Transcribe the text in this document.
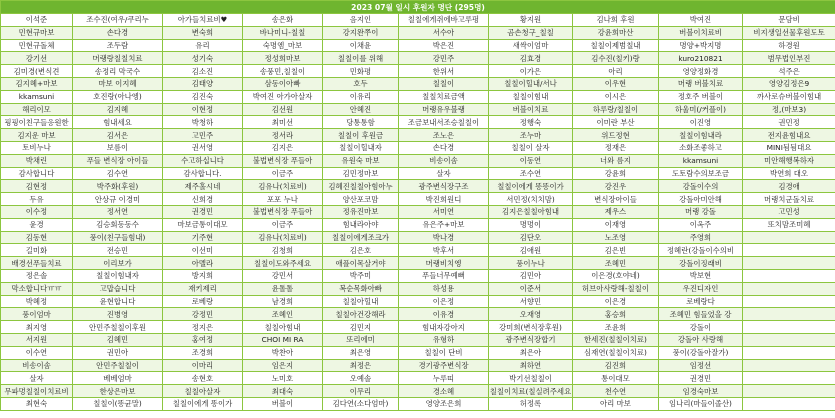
2023 07월 일시 후원자 명단 (295명)									
이석준	조수진(여우/쿠리누	아가들치료비♥	송은화	음지인	칠칠에게쥐에바고루펑	황지원	김나희 후원	박여진	문담비
민현규마보	손다경	변숙희	바나미니-칠칠	강지완쭈이	서수아	곰손청구_칠칠	강윤희마산	버블이치료비	비지생일선물후원도토
민현규돌체	조두람	유리	숙명엠_마보	이채윤	박은진	새싹이엄마	칠칠이제범칠내	명양+박지명	하경원
강기선	머랭랑칠칠치료	성기숙	정성희마보	칠칠이를 위해	강민주	김효경	김수진(칠키)랑	kuro210821	범무법인부진
김미경(변식견	송정리 막국수	김소진	송풍민,칠칠이	민화평	한위서	이가은	아리	영양정화경	석주은
김지혜+마보	마보 이지혜	김태양	삼동이아빠	호두	칠칠이	칠칠이힐내/서나	이우현	머랭 버블치료	영양김정은9
kkamsuni	호진랑(아나엥)	김진숙	박여진 아가아살자	이유리	칠칠치료금액	칠칠이힘내	이시은	정호주 버블이	까사로슈버블이힘내
해리이모	김지혜	이현정	김선원	안혜진	머랭유우블랭	버블이치료	하루랑/칠칠이	하울미(/커플이)	정,(마보3)
핑핑이친구들응원한	힘내세요	박청하	최미선	당통통함	조금보내서조승칠칠이	정행숙	이미란 부산	이진영	권민정
김지운 마보	김서은	고민주	정서라	칠칠이 후원금	조노은	조누마	위드정현	칠칠이힘내라	전지윤힘내요
토비누나	보름이	권서영	김지은	칠칠이힐내자	손다경	칠칠이 살자	정재은	소화조좋하고	MINI됨됨대요
박채린	푸들 변식장 아이들	수고하십니다	불법변식장 푸들아	유원숙 마보	비송이솜	이동연	너와 름지	kkamsuni	미안해행복하자
감사합니다	김수연	감사합니다.	이금주	김민정마보	살자	조수연	강윤희	도토람수의보조금	박연희 대오
김현정	박주화(후원)	제주홀시네	김유나(치료비)	김혜진칠칠아힘아누	광주변식장구조	칠칠이에게 똥똥이가	강진우	강돌이수의	김경애
두유	안상규 이경미	신희경	포포 누나	양산포코맘	박진희원디	서민정(치치맘)	변식장아이들	강돌아미안해	머랭치군돌치료
이수정	정서연	권경민	불법변식장 푸들아	정유진마보	서미연	김지은칠칠아힘내	제우스	머랭 강돌	고민성
윤경	김승회동동수	마보금통이대모	이금주	힘내라아야	유은주+마보	명멍이	이재영	이옥주	또치맘조미혜
김동현	풍이(친구들힘내)	기주현	김유나(치료비)	칠칠이에게조크가	박나경	김단오	노조영	주영희	
길미화	전승민	이선미	김청희	김은호	박후서	김애원	김은빈	정혜란(강돌이수의비	
배경선푸들치료	이리보가	아멜라	칠칠이도와주세요	애플이목살거야	머랭비치엥	풍이누나	조혜민	강돌이징래비	
정은솔	칠칠이힘내자	방지희	강민서	박주미	푸들너무예뻐	김민아	이은경(호야네)	박보현	
막소합니다ㅠㅠ	고맙습니다	재키제리	윤톨톨	복순목화아빠	하성용	이준서	허브아사랑해-칠칠이	우진디자인	
박혜정	윤현합니다	로베랑	남경희	칠칠아힐내	이은정	서향민	이은경	로베랑다	
풍이엄마	진병영	강정민	조혜인	칠칠아건강해라	이유경	오재영	홍승희	조혜민 힘들었을 강	
최지영	안민주칠칠이후원	정지은	칠칠아힘내	김민지	힘내자강아지	강미희(변식장후원)	조윤희	강돌이	
서지원	김혜민	홍여정	CHOI MI RA	또리에미	유형하	광주변식장합기	한세진(칠칠이치료)	강돌아 사랑해	
이수연	권민아	조경희	박찬아	최은영	칠칠이 단비	최은아	심재연(칠칠이치료)	풍이(강돌아잘가)	
비송이솜	안민주칠칠이	이마리	임은지	최정은	경기광주변식장	최하연	김진희	임정선	
살자	베베엄마	송현호	노미호	오예솔	누루띠	박기선칠칠이	통이대모	권경민	
무파멍칠칠이치료비	한상은마보	칠칠아살자	최대숙	이무리	경소혜	칠칠이치료(칠실려주세요	천수연	임경숙마보	
최현숙	칠칠이(똥균말)	칠칠이에게 똥이가	버블이	김다연(소다엄마)	영양조은희	허정록	아리 마보	임나리(마들이졸산)	
